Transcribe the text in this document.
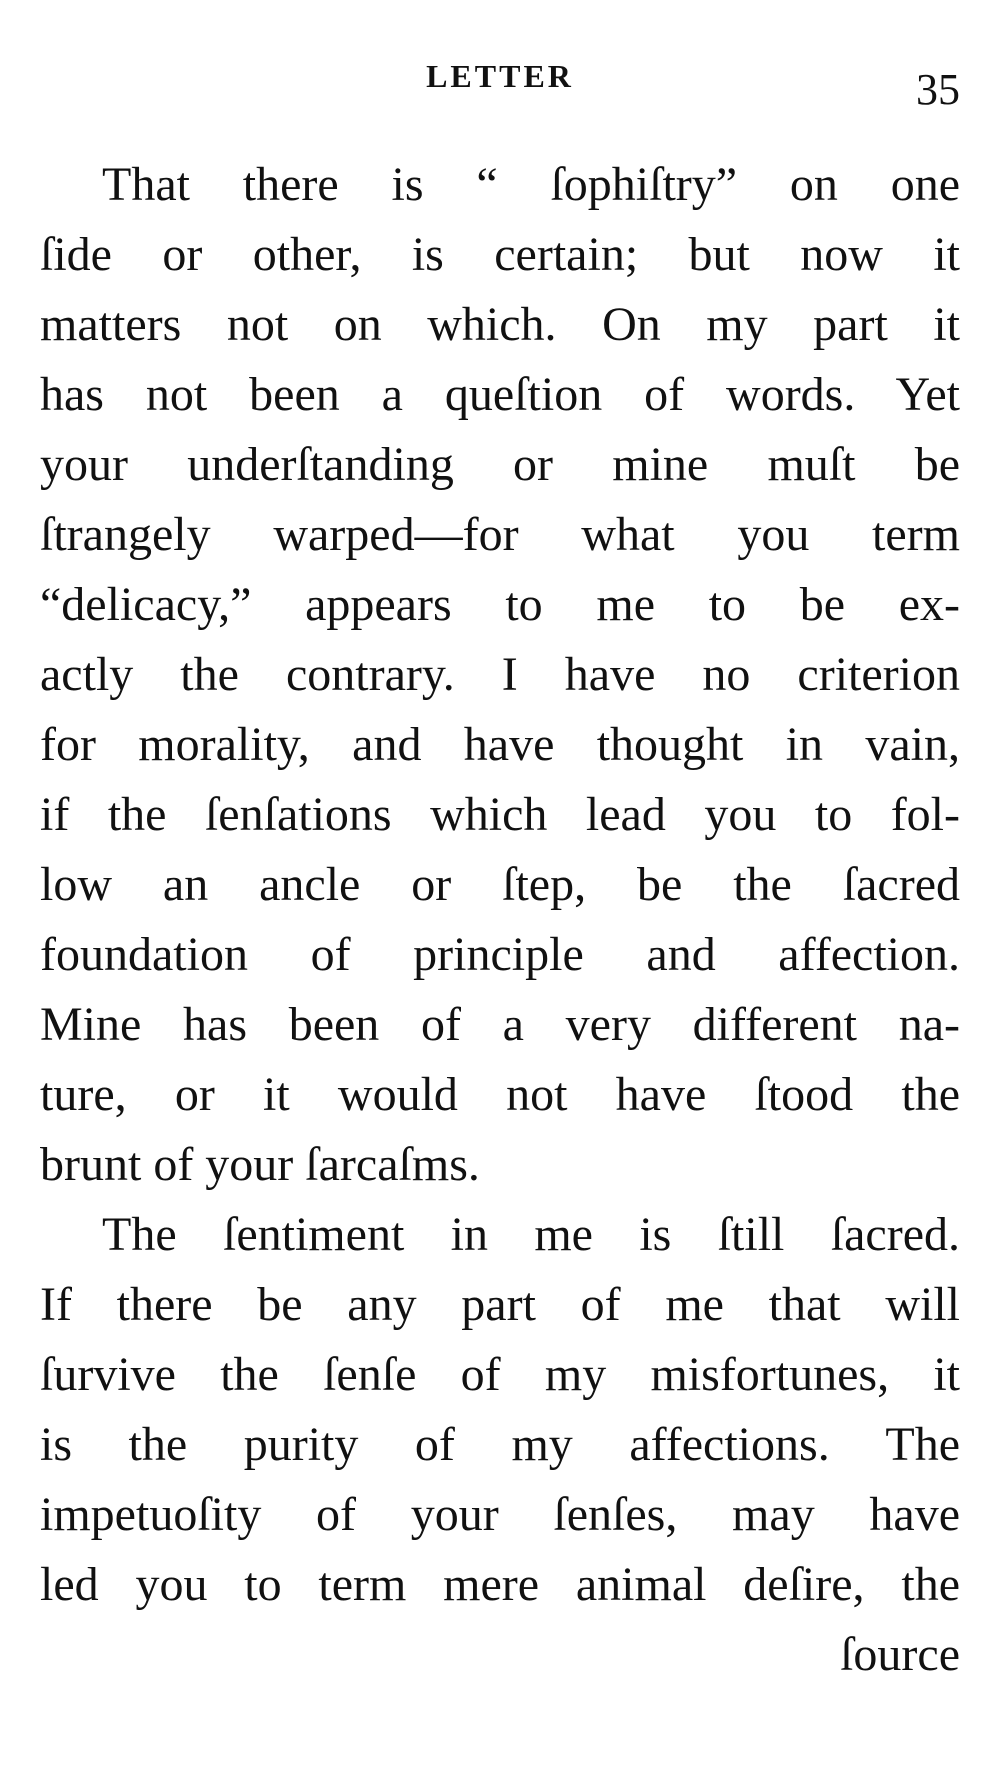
LETTER	35
That there is “ ſophiſtry” on one
ſide or other, is certain; but now it
matters not on which. On my part it
has not been a queſtion of words. Yet
your underſtanding or mine muſt be
ſtrangely warped—for what you term
“delicacy,” appears to me to be ex-
actly the contrary. I have no criterion
for morality, and have thought in vain,
if the ſenſations which lead you to fol-
low an ancle or ſtep, be the ſacred
foundation of principle and affection.
Mine has been of a very different na-
ture, or it would not have ſtood the
brunt of your ſarcaſms.
The ſentiment in me is ſtill ſacred.
If there be any part of me that will
ſurvive the ſenſe of my misfortunes, it
is the purity of my affections. The
impetuoſity of your ſenſes, may have
led you to term mere animal deſire, the
ſource
